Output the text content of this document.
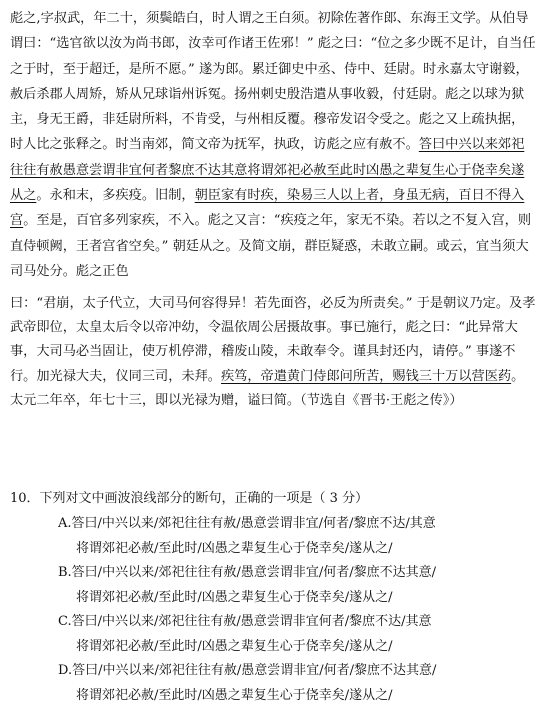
彪之,字叔武，年二十，须鬓皓白，时人谓之王白须。初除佐著作郎、东海王文学。从伯导谓曰：“选官欲以汝为尚书郎，汝幸可作诸王佐邪！” 彪之曰：“位之多少既不足计，自当任之于时，至于超迁，是所不愿。” 遂为郎。累迁御史中丞、侍中、廷尉。时永嘉太守谢毅，赦后杀郡人周矫，矫从兄球诣州诉冤。扬州刺史殷浩遣从事收毅，付廷尉。彪之以球为狱主，身无王爵，非廷尉所料，不肯受，与州相反覆。穆帝发诏令受之。彪之又上疏执据，时人比之张释之。时当南郊，简文帝为抚军，执政，访彪之应有赦不。答曰中兴以来郊祀往往有赦愚意尝谓非宜何者黎庶不达其意将谓郊祀必赦至此时凶愚之辈复生心于侥幸矣遂从之。永和末，多疾疫。旧制，朝臣家有时疾，染易三人以上者，身虽无病，百日不得入宫。至是，百官多列家疾，不入。彪之又言：“疾疫之年，家无不染。若以之不复入宫，则直侍顿阙，王者宫省空矣。” 朝廷从之。及简文崩，群臣疑惑，未敢立嗣。或云，宜当须大司马处分。彪之正色

曰：“君崩，太子代立，大司马何容得异！若先面咨，必反为所责矣。” 于是朝议乃定。及孝武帝即位，太皇太后令以帝冲幼，令温依周公居摄故事。事已施行，彪之曰：“此异常大事，大司马必当固让，使万机停滞，稽废山陵，未敢奉令。谨具封还内，请停。” 事遂不行。加光禄大夫，仪同三司，未拜。疾笃，帝遣黄门侍郎问所苦，赐钱三十万以营医药。太元二年卒，年七十三，即以光禄为赠，谥曰简。（节选自《晋书·王彪之传》）

10．下列对文中画波浪线部分的断句，正确的一项是（ 3 分）
A.答曰/中兴以来/郊祀往往有赦/愚意尝谓非宜/何者/黎庶不达/其意
将谓郊祀必赦/至此时/凶愚之辈复生心于侥幸矣/遂从之/
B.答曰/中兴以来/郊祀往往有赦/愚意尝谓非宜/何者/黎庶不达其意/
将谓郊祀必赦/至此时/凶愚之辈复生心于侥幸矣/遂从之/
C.答曰/中兴以来/郊祀往往有赦/愚意尝谓非宜何者/黎庶不达/其意
将谓郊祀必赦/至此时/凶愚之辈复生心于侥幸矣/遂从之/
D.答曰/中兴以来/郊祀往往有赦/愚意尝谓非宜/何者/黎庶不达其意/
将谓郊祀必赦/至此时/凶愚之辈复生心于侥幸矣/遂从之/
